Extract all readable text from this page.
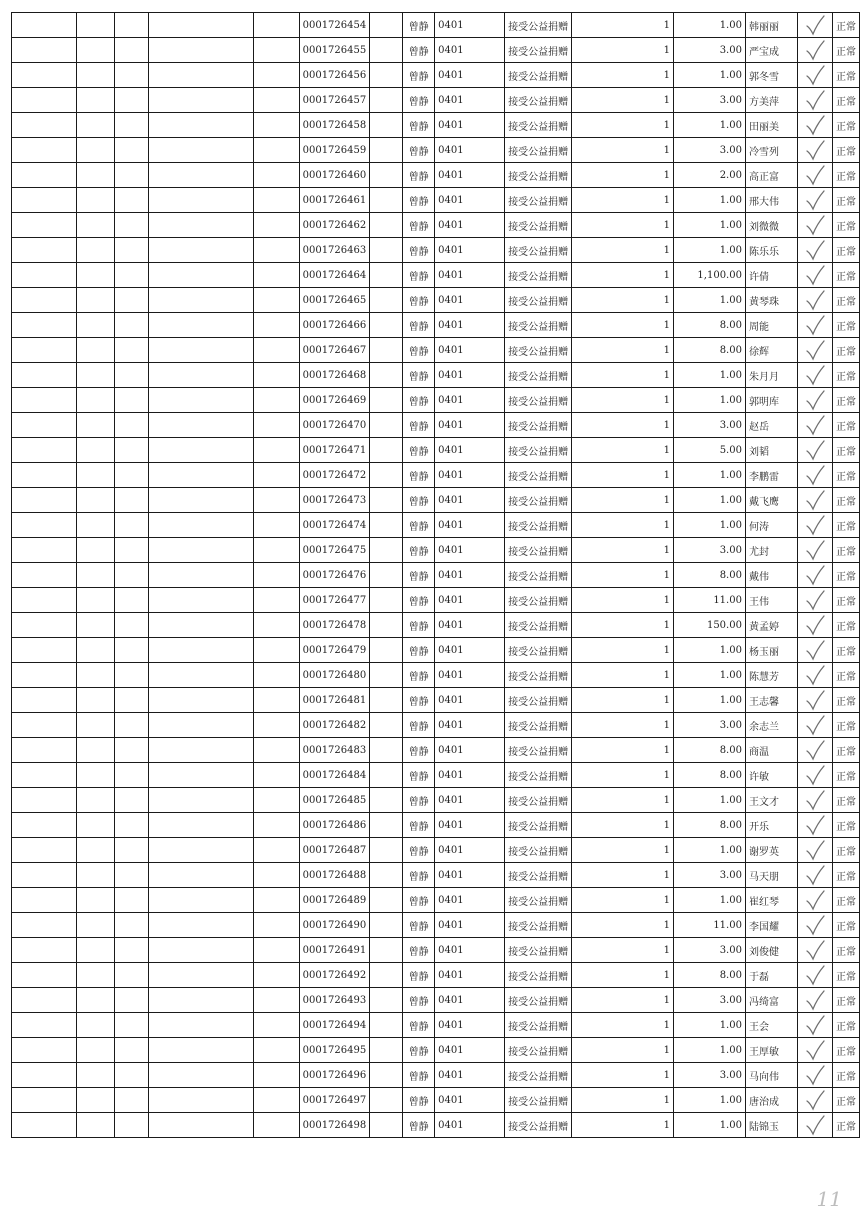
					0001726454		曾静	0401	接受公益捐赠	1	1.00	韩丽丽		正常
					0001726455		曾静	0401	接受公益捐赠	1	3.00	严宝成		正常
					0001726456		曾静	0401	接受公益捐赠	1	1.00	郭冬雪		正常
					0001726457		曾静	0401	接受公益捐赠	1	3.00	方美萍		正常
					0001726458		曾静	0401	接受公益捐赠	1	1.00	田丽美		正常
					0001726459		曾静	0401	接受公益捐赠	1	3.00	冷雪列		正常
					0001726460		曾静	0401	接受公益捐赠	1	2.00	高正富		正常
					0001726461		曾静	0401	接受公益捐赠	1	1.00	邢大伟		正常
					0001726462		曾静	0401	接受公益捐赠	1	1.00	刘微微		正常
					0001726463		曾静	0401	接受公益捐赠	1	1.00	陈乐乐		正常
					0001726464		曾静	0401	接受公益捐赠	1	1,100.00	许倩		正常
					0001726465		曾静	0401	接受公益捐赠	1	1.00	黄琴珠		正常
					0001726466		曾静	0401	接受公益捐赠	1	8.00	周能		正常
					0001726467		曾静	0401	接受公益捐赠	1	8.00	徐辉		正常
					0001726468		曾静	0401	接受公益捐赠	1	1.00	朱月月		正常
					0001726469		曾静	0401	接受公益捐赠	1	1.00	郭明库		正常
					0001726470		曾静	0401	接受公益捐赠	1	3.00	赵岳		正常
					0001726471		曾静	0401	接受公益捐赠	1	5.00	刘韬		正常
					0001726472		曾静	0401	接受公益捐赠	1	1.00	李鹏雷		正常
					0001726473		曾静	0401	接受公益捐赠	1	1.00	戴飞鹰		正常
					0001726474		曾静	0401	接受公益捐赠	1	1.00	何涛		正常
					0001726475		曾静	0401	接受公益捐赠	1	3.00	尤封		正常
					0001726476		曾静	0401	接受公益捐赠	1	8.00	戴伟		正常
					0001726477		曾静	0401	接受公益捐赠	1	11.00	王伟		正常
					0001726478		曾静	0401	接受公益捐赠	1	150.00	黄孟婷		正常
					0001726479		曾静	0401	接受公益捐赠	1	1.00	杨玉丽		正常
					0001726480		曾静	0401	接受公益捐赠	1	1.00	陈慧芳		正常
					0001726481		曾静	0401	接受公益捐赠	1	1.00	王志馨		正常
					0001726482		曾静	0401	接受公益捐赠	1	3.00	余志兰		正常
					0001726483		曾静	0401	接受公益捐赠	1	8.00	商温		正常
					0001726484		曾静	0401	接受公益捐赠	1	8.00	许敏		正常
					0001726485		曾静	0401	接受公益捐赠	1	1.00	王文才		正常
					0001726486		曾静	0401	接受公益捐赠	1	8.00	开乐		正常
					0001726487		曾静	0401	接受公益捐赠	1	1.00	谢罗英		正常
					0001726488		曾静	0401	接受公益捐赠	1	3.00	马天朋		正常
					0001726489		曾静	0401	接受公益捐赠	1	1.00	崔红琴		正常
					0001726490		曾静	0401	接受公益捐赠	1	11.00	李国耀		正常
					0001726491		曾静	0401	接受公益捐赠	1	3.00	刘俊健		正常
					0001726492		曾静	0401	接受公益捐赠	1	8.00	于磊		正常
					0001726493		曾静	0401	接受公益捐赠	1	3.00	冯绮富		正常
					0001726494		曾静	0401	接受公益捐赠	1	1.00	王会		正常
					0001726495		曾静	0401	接受公益捐赠	1	1.00	王厚敏		正常
					0001726496		曾静	0401	接受公益捐赠	1	3.00	马向伟		正常
					0001726497		曾静	0401	接受公益捐赠	1	1.00	唐治成		正常
					0001726498		曾静	0401	接受公益捐赠	1	1.00	陆锦玉		正常
11
